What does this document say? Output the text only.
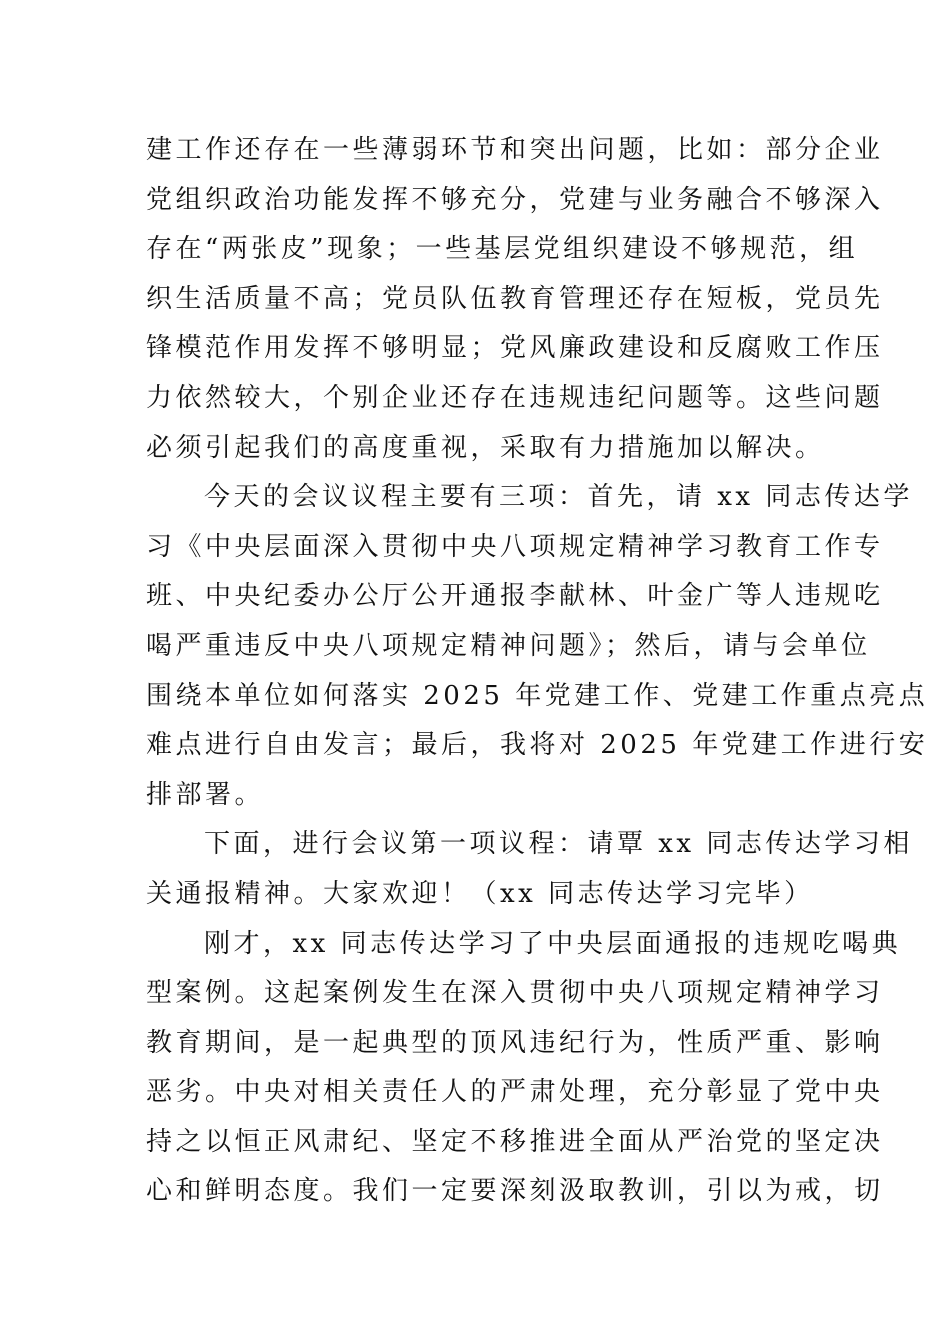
建工作还存在一些薄弱环节和突出问题，比如：部分企业
党组织政治功能发挥不够充分，党建与业务融合不够深入
存在“两张皮”现象；一些基层党组织建设不够规范，组
织生活质量不高；党员队伍教育管理还存在短板，党员先
锋模范作用发挥不够明显；党风廉政建设和反腐败工作压
力依然较大，个别企业还存在违规违纪问题等。这些问题
必须引起我们的高度重视，采取有力措施加以解决。
今天的会议议程主要有三项：首先，请 xx 同志传达学
习《中央层面深入贯彻中央八项规定精神学习教育工作专
班、中央纪委办公厅公开通报李献林、叶金广等人违规吃
喝严重违反中央八项规定精神问题》；然后，请与会单位
围绕本单位如何落实 2025 年党建工作、党建工作重点亮点
难点进行自由发言；最后，我将对 2025 年党建工作进行安
排部署。
下面，进行会议第一项议程：请覃 xx 同志传达学习相
关通报精神。大家欢迎！（xx 同志传达学习完毕）
刚才，xx 同志传达学习了中央层面通报的违规吃喝典
型案例。这起案例发生在深入贯彻中央八项规定精神学习
教育期间，是一起典型的顶风违纪行为，性质严重、影响
恶劣。中央对相关责任人的严肃处理，充分彰显了党中央
持之以恒正风肃纪、坚定不移推进全面从严治党的坚定决
心和鲜明态度。我们一定要深刻汲取教训，引以为戒，切
